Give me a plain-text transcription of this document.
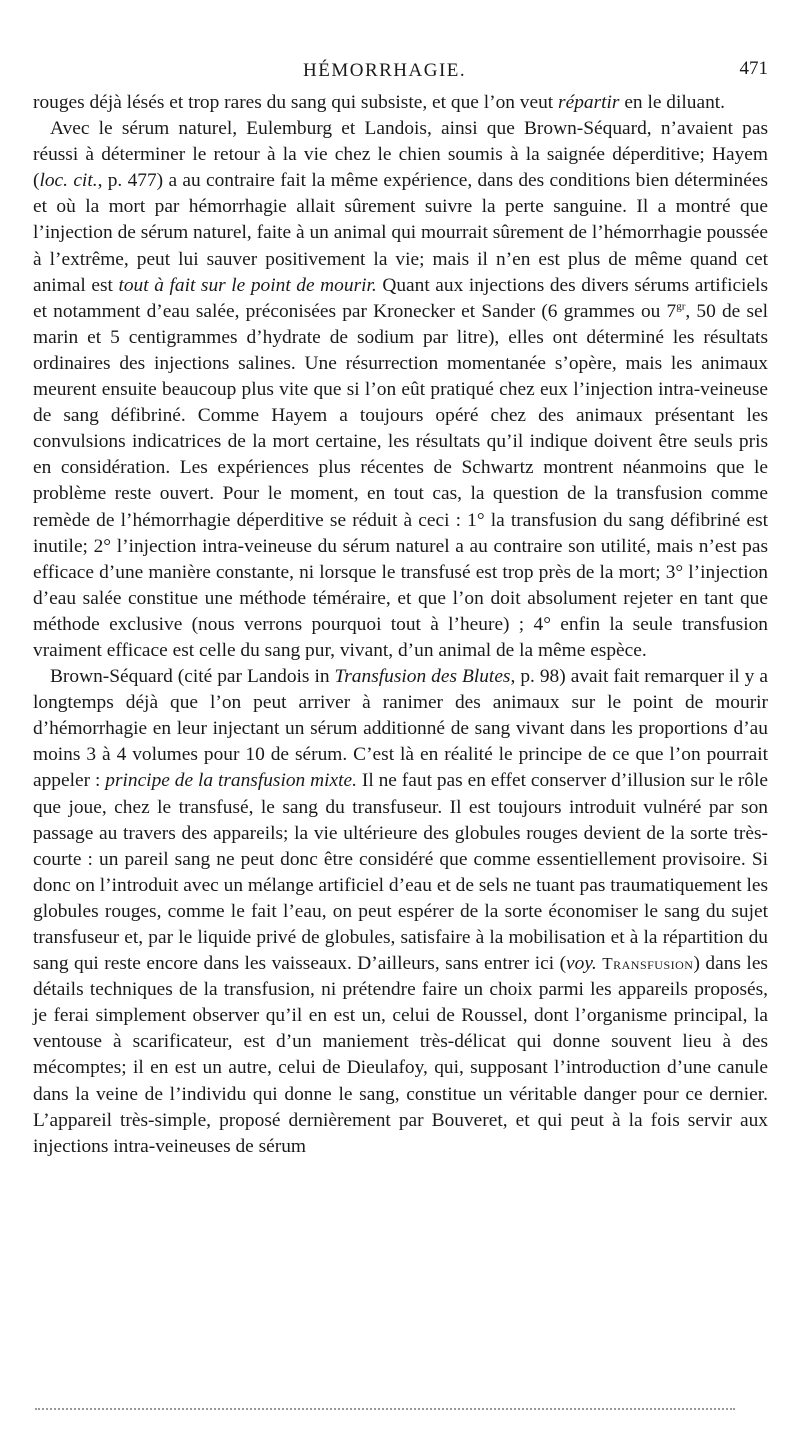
HÉMORRHAGIE.	471

rouges déjà lésés et trop rares du sang qui subsiste, et que l’on veut répartir en le diluant.

Avec le sérum naturel, Eulemburg et Landois, ainsi que Brown-Séquard, n’avaient pas réussi à déterminer le retour à la vie chez le chien soumis à la saignée déperditive; Hayem (loc. cit., p. 477) a au contraire fait la même expérience, dans des conditions bien déterminées et où la mort par hémorrhagie allait sûrement suivre la perte sanguine. Il a montré que l’injection de sérum naturel, faite à un animal qui mourrait sûrement de l’hémorrhagie poussée à l’extrême, peut lui sauver positivement la vie; mais il n’en est plus de même quand cet animal est tout à fait sur le point de mourir. Quant aux injections des divers sérums artificiels et notamment d’eau salée, préconisées par Kronecker et Sander (6 grammes ou $7^{gr}$, 50 de sel marin et 5 centigrammes d’hydrate de sodium par litre), elles ont déterminé les résultats ordinaires des injections salines. Une résurrection momentanée s’opère, mais les animaux meurent ensuite beaucoup plus vite que si l’on eût pratiqué chez eux l’injection intra-veineuse de sang défibriné. Comme Hayem a toujours opéré chez des animaux présentant les convulsions indicatrices de la mort certaine, les résultats qu’il indique doivent être seuls pris en considération. Les expériences plus récentes de Schwartz montrent néanmoins que le problème reste ouvert. Pour le moment, en tout cas, la question de la transfusion comme remède de l’hémorrhagie déperditive se réduit à ceci : 1° la transfusion du sang défibriné est inutile; 2° l’injection intra-veineuse du sérum naturel a au contraire son utilité, mais n’est pas efficace d’une manière constante, ni lorsque le transfusé est trop près de la mort; 3° l’injection d’eau salée constitue une méthode téméraire, et que l’on doit absolument rejeter en tant que méthode exclusive (nous verrons pourquoi tout à l’heure) ; 4° enfin la seule transfusion vraiment efficace est celle du sang pur, vivant, d’un animal de la même espèce.

Brown-Séquard (cité par Landois in Transfusion des Blutes, p. 98) avait fait remarquer il y a longtemps déjà que l’on peut arriver à ranimer des animaux sur le point de mourir d’hémorrhagie en leur injectant un sérum additionné de sang vivant dans les proportions d’au moins 3 à 4 volumes pour 10 de sérum. C’est là en réalité le principe de ce que l’on pourrait appeler : principe de la transfusion mixte. Il ne faut pas en effet conserver d’illusion sur le rôle que joue, chez le transfusé, le sang du transfuseur. Il est toujours introduit vulnéré par son passage au travers des appareils; la vie ultérieure des globules rouges devient de la sorte très-courte : un pareil sang ne peut donc être considéré que comme essentiellement provisoire. Si donc on l’introduit avec un mélange artificiel d’eau et de sels ne tuant pas traumatiquement les globules rouges, comme le fait l’eau, on peut espérer de la sorte économiser le sang du sujet transfuseur et, par le liquide privé de globules, satisfaire à la mobilisation et à la répartition du sang qui reste encore dans les vaisseaux. D’ailleurs, sans entrer ici (voy. Transfusion) dans les détails techniques de la transfusion, ni prétendre faire un choix parmi les appareils proposés, je ferai simplement observer qu’il en est un, celui de Roussel, dont l’organisme principal, la ventouse à scarificateur, est d’un maniement très-délicat qui donne souvent lieu à des mécomptes; il en est un autre, celui de Dieulafoy, qui, supposant l’introduction d’une canule dans la veine de l’individu qui donne le sang, constitue un véritable danger pour ce dernier. L’appareil très-simple, proposé dernièrement par Bouveret, et qui peut à la fois servir aux injections intra-veineuses de sérum
